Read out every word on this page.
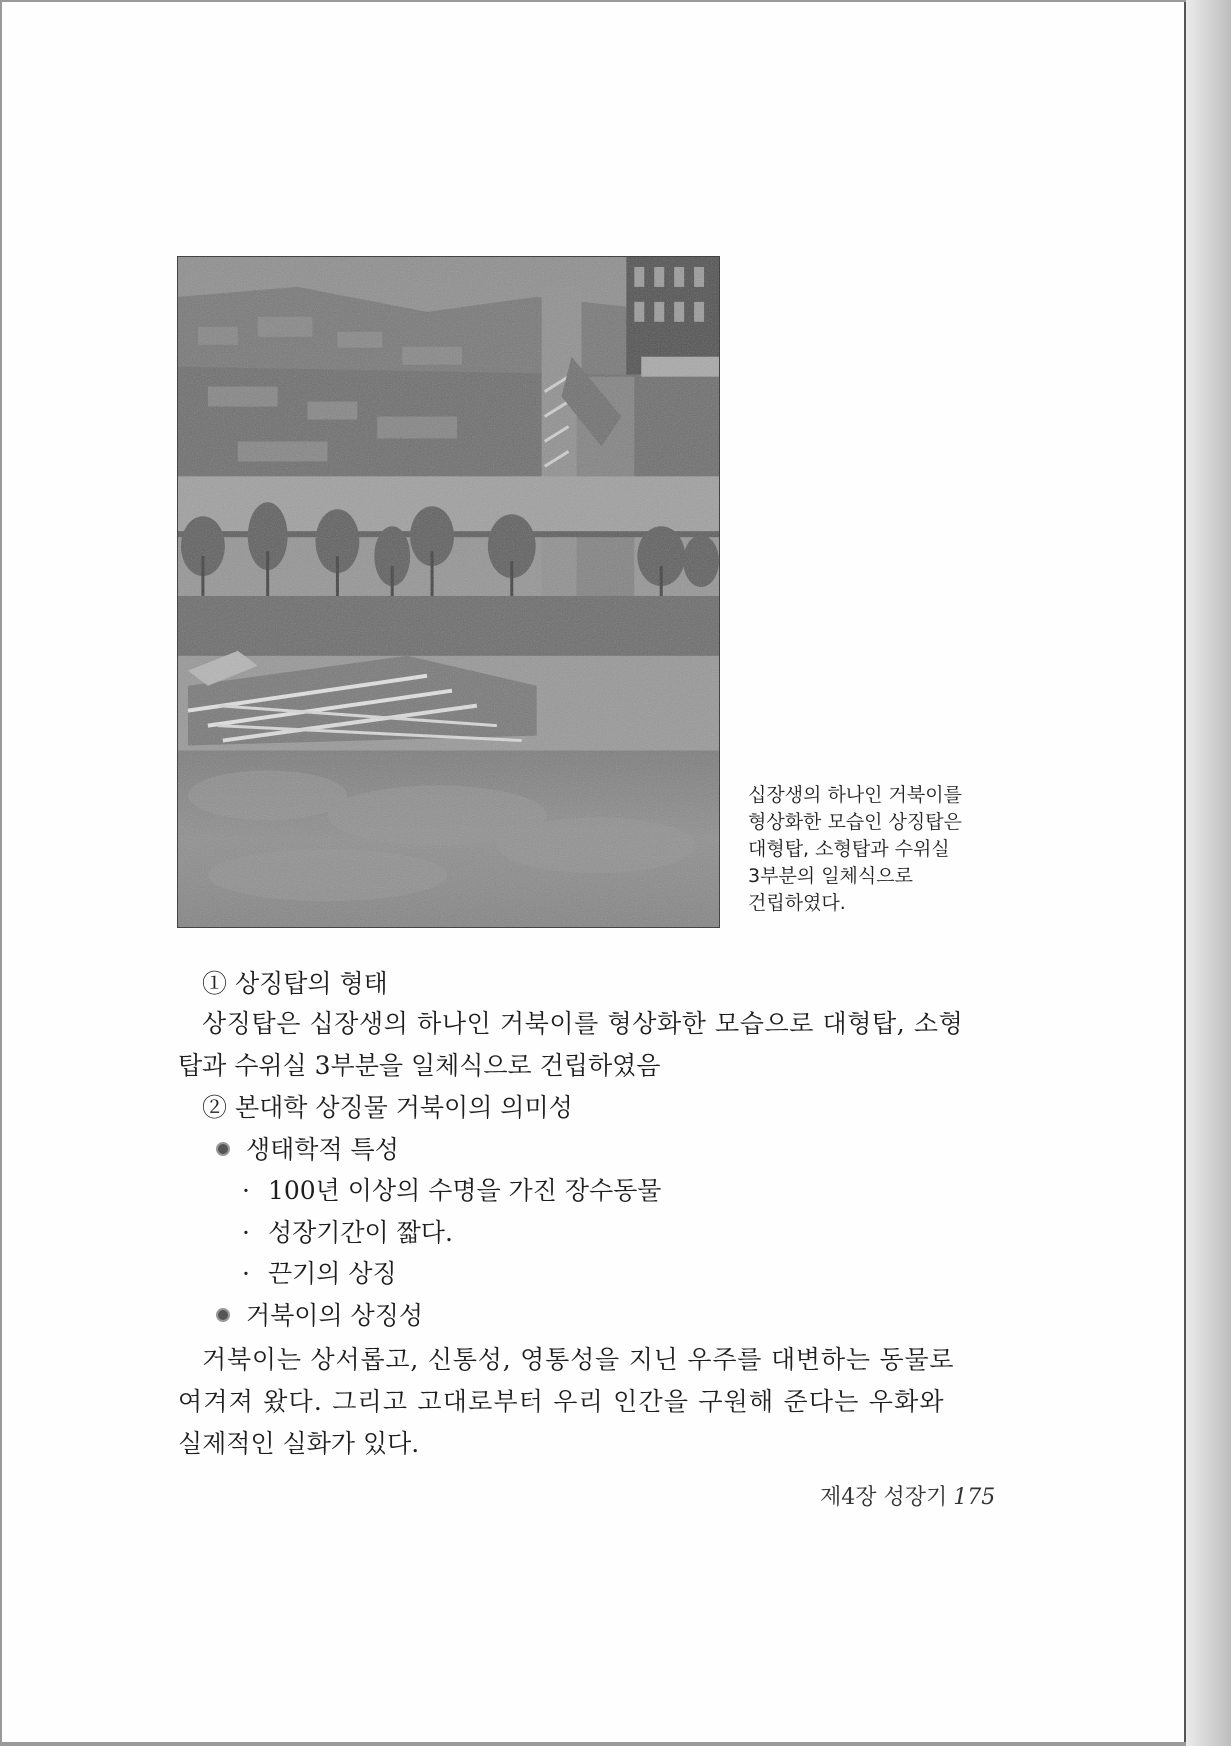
십장생의 하나인 거북이를
형상화한 모습인 상징탑은
대형탑, 소형탑과 수위실
3부분의 일체식으로
건립하였다.
① 상징탑의 형태
상징탑은 십장생의 하나인 거북이를 형상화한 모습으로 대형탑, 소형
탑과 수위실 3부분을 일체식으로 건립하였음
② 본대학 상징물 거북이의 의미성
생태학적 특성
· 100년 이상의 수명을 가진 장수동물
· 성장기간이 짧다.
· 끈기의 상징
거북이의 상징성
거북이는 상서롭고, 신통성, 영통성을 지닌 우주를 대변하는 동물로
여겨져 왔다. 그리고 고대로부터 우리 인간을 구원해 준다는 우화와
실제적인 실화가 있다.
제4장 성장기 175
